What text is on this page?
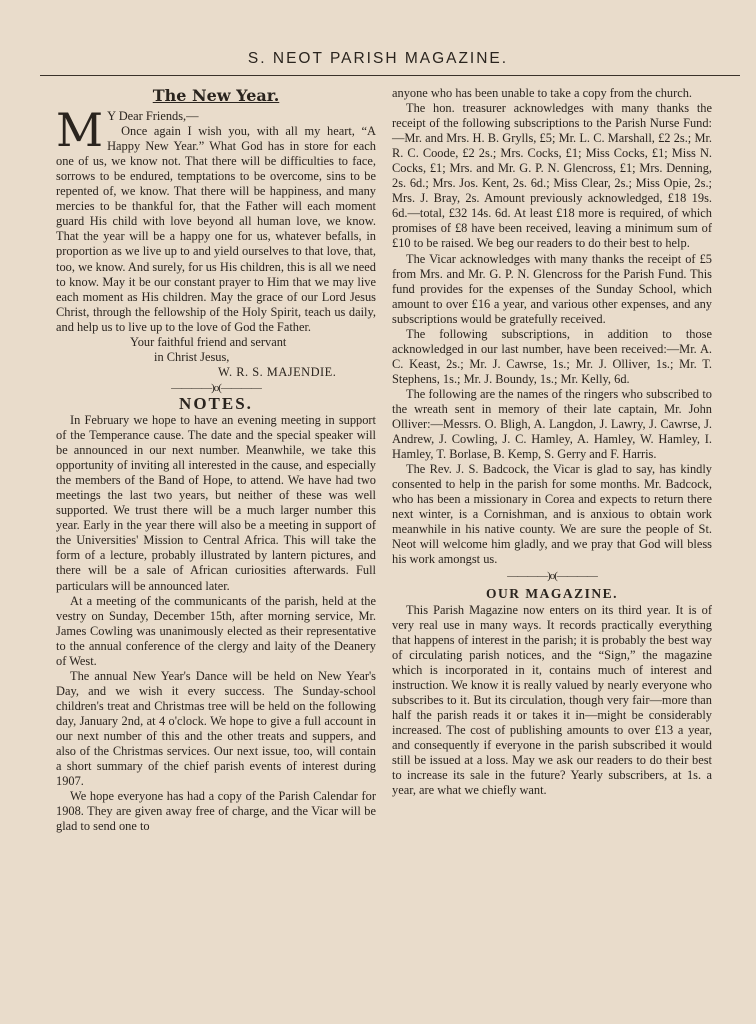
S. NEOT PARISH MAGAZINE.
The New Year.
M Y Dear Friends,—

Once again I wish you, with all my heart, “A Happy New Year.” What God has in store for each one of us, we know not. That there will be difficulties to face, sorrows to be endured, temptations to be overcome, sins to be repented of, we know. That there will be happiness, and many mercies to be thankful for, that the Father will each moment guard His child with love beyond all human love, we know. That the year will be a happy one for us, whatever befalls, in proportion as we live up to and yield ourselves to that love, that, too, we know. And surely, for us His children, this is all we need to know. May it be our constant prayer to Him that we may live each moment as His children. May the grace of our Lord Jesus Christ, through the fellowship of the Holy Spirit, teach us daily, and help us to live up to the love of God the Father.

Your faithful friend and servant

in Christ Jesus,

W. R. S. MAJENDIE.

————)o(————
NOTES.

In February we hope to have an evening meeting in support of the Temperance cause. The date and the special speaker will be announced in our next number. Meanwhile, we take this opportunity of inviting all interested in the cause, and especially the members of the Band of Hope, to attend. We have had two meetings the last two years, but neither of these was well supported. We trust there will be a much larger number this year. Early in the year there will also be a meeting in support of the Universities' Mission to Central Africa. This will take the form of a lecture, probably illustrated by lantern pictures, and there will be a sale of African curiosities afterwards. Full particulars will be announced later.

At a meeting of the communicants of the parish, held at the vestry on Sunday, December 15th, after morning service, Mr. James Cowling was unanimously elected as their representative to the annual conference of the clergy and laity of the Deanery of West.

The annual New Year's Dance will be held on New Year's Day, and we wish it every success. The Sunday-school children's treat and Christmas tree will be held on the following day, January 2nd, at 4 o'clock. We hope to give a full account in our next number of this and the other treats and suppers, and also of the Christmas services. Our next issue, too, will contain a short summary of the chief parish events of interest during 1907.

We hope everyone has had a copy of the Parish Calendar for 1908. They are given away free of charge, and the Vicar will be glad to send one to

anyone who has been unable to take a copy from the church.

The hon. treasurer acknowledges with many thanks the receipt of the following subscriptions to the Parish Nurse Fund:—Mr. and Mrs. H. B. Grylls, £5; Mr. L. C. Marshall, £2 2s.; Mr. R. C. Coode, £2 2s.; Mrs. Cocks, £1; Miss Cocks, £1; Miss N. Cocks, £1; Mrs. and Mr. G. P. N. Glencross, £1; Mrs. Denning, 2s. 6d.; Mrs. Jos. Kent, 2s. 6d.; Miss Clear, 2s.; Miss Opie, 2s.; Mrs. J. Bray, 2s. Amount previously acknowledged, £18 19s. 6d.—total, £32 14s. 6d. At least £18 more is required, of which promises of £8 have been received, leaving a minimum sum of £10 to be raised. We beg our readers to do their best to help.

The Vicar acknowledges with many thanks the receipt of £5 from Mrs. and Mr. G. P. N. Glencross for the Parish Fund. This fund provides for the expenses of the Sunday School, which amount to over £16 a year, and various other expenses, and any subscriptions would be gratefully received.

The following subscriptions, in addition to those acknowledged in our last number, have been received:—Mr. A. C. Keast, 2s.; Mr. J. Cawrse, 1s.; Mr. J. Olliver, 1s.; Mr. T. Stephens, 1s.; Mr. J. Boundy, 1s.; Mr. Kelly, 6d.

The following are the names of the ringers who subscribed to the wreath sent in memory of their late captain, Mr. John Olliver:—Messrs. O. Bligh, A. Langdon, J. Lawry, J. Cawrse, J. Andrew, J. Cowling, J. C. Hamley, A. Hamley, W. Hamley, I. Hamley, T. Borlase, B. Kemp, S. Gerry and F. Harris.

The Rev. J. S. Badcock, the Vicar is glad to say, has kindly consented to help in the parish for some months. Mr. Badcock, who has been a missionary in Corea and expects to return there next winter, is a Cornishman, and is anxious to obtain work meanwhile in his native county. We are sure the people of St. Neot will welcome him gladly, and we pray that God will bless his work amongst us.

————)o(————
OUR MAGAZINE.

This Parish Magazine now enters on its third year. It is of very real use in many ways. It records practically everything that happens of interest in the parish; it is probably the best way of circulating parish notices, and the “Sign,” the magazine which is incorporated in it, contains much of interest and instruction. We know it is really valued by nearly everyone who subscribes to it. But its circulation, though very fair—more than half the parish reads it or takes it in—might be considerably increased. The cost of publishing amounts to over £13 a year, and consequently if everyone in the parish subscribed it would still be issued at a loss. May we ask our readers to do their best to increase its sale in the future? Yearly subscribers, at 1s. a year, are what we chiefly want.
